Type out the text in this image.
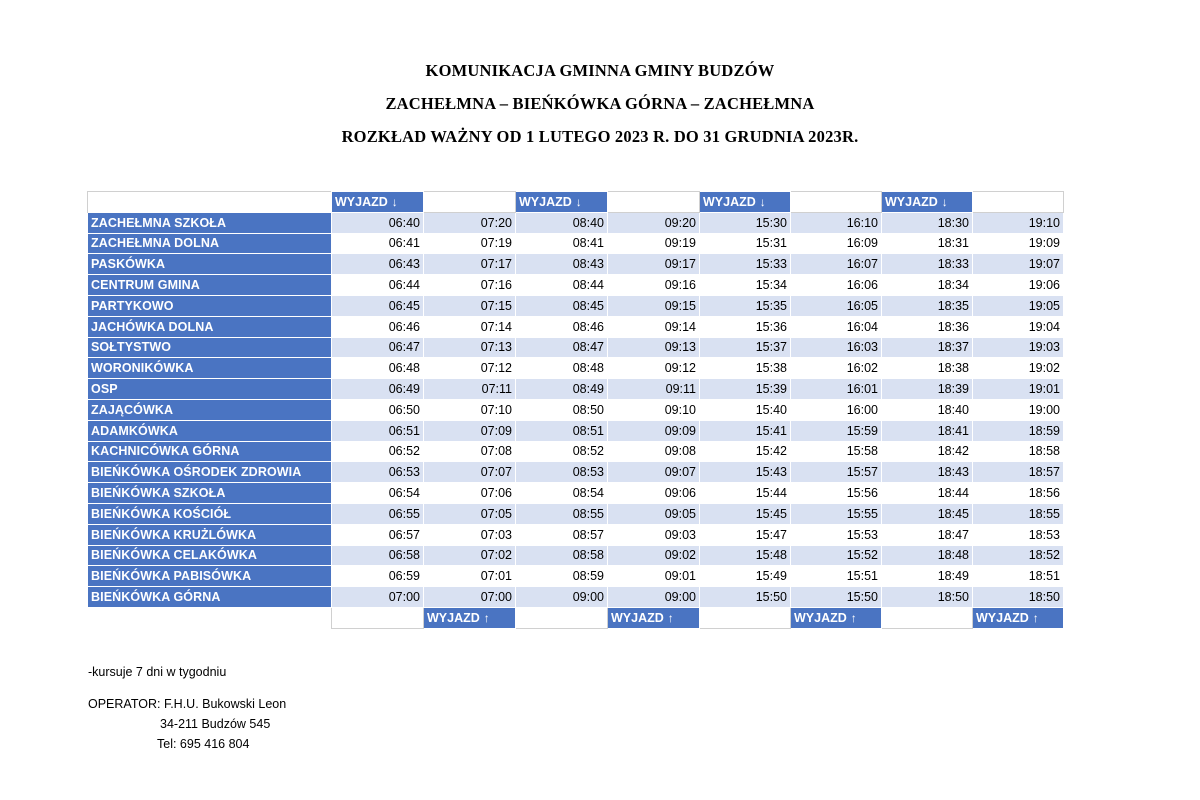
KOMUNIKACJA GMINNA GMINY BUDZÓW
ZACHEŁMNA – BIEŃKÓWKA GÓRNA – ZACHEŁMNA
ROZKŁAD WAŻNY OD 1 LUTEGO 2023 R. DO 31 GRUDNIA 2023R.
	WYJAZD ↓		WYJAZD ↓		WYJAZD ↓		WYJAZD ↓	
ZACHEŁMNA SZKOŁA	06:40	07:20	08:40	09:20	15:30	16:10	18:30	19:10
ZACHEŁMNA DOLNA	06:41	07:19	08:41	09:19	15:31	16:09	18:31	19:09
PASKÓWKA	06:43	07:17	08:43	09:17	15:33	16:07	18:33	19:07
CENTRUM GMINA	06:44	07:16	08:44	09:16	15:34	16:06	18:34	19:06
PARTYKOWO	06:45	07:15	08:45	09:15	15:35	16:05	18:35	19:05
JACHÓWKA DOLNA	06:46	07:14	08:46	09:14	15:36	16:04	18:36	19:04
SOŁTYSTWO	06:47	07:13	08:47	09:13	15:37	16:03	18:37	19:03
WORONIKÓWKA	06:48	07:12	08:48	09:12	15:38	16:02	18:38	19:02
OSP	06:49	07:11	08:49	09:11	15:39	16:01	18:39	19:01
ZAJĄCÓWKA	06:50	07:10	08:50	09:10	15:40	16:00	18:40	19:00
ADAMKÓWKA	06:51	07:09	08:51	09:09	15:41	15:59	18:41	18:59
KACHNICÓWKA GÓRNA	06:52	07:08	08:52	09:08	15:42	15:58	18:42	18:58
BIEŃKÓWKA OŚRODEK ZDROWIA	06:53	07:07	08:53	09:07	15:43	15:57	18:43	18:57
BIEŃKÓWKA SZKOŁA	06:54	07:06	08:54	09:06	15:44	15:56	18:44	18:56
BIEŃKÓWKA KOŚCIÓŁ	06:55	07:05	08:55	09:05	15:45	15:55	18:45	18:55
BIEŃKÓWKA KRUŻLÓWKA	06:57	07:03	08:57	09:03	15:47	15:53	18:47	18:53
BIEŃKÓWKA CELAKÓWKA	06:58	07:02	08:58	09:02	15:48	15:52	18:48	18:52
BIEŃKÓWKA PABISÓWKA	06:59	07:01	08:59	09:01	15:49	15:51	18:49	18:51
BIEŃKÓWKA GÓRNA	07:00	07:00	09:00	09:00	15:50	15:50	18:50	18:50
		WYJAZD ↑		WYJAZD ↑		WYJAZD ↑		WYJAZD ↑
-kursuje 7 dni w tygodniu
OPERATOR: F.H.U. Bukowski Leon
34-211 Budzów 545
Tel: 695 416 804
